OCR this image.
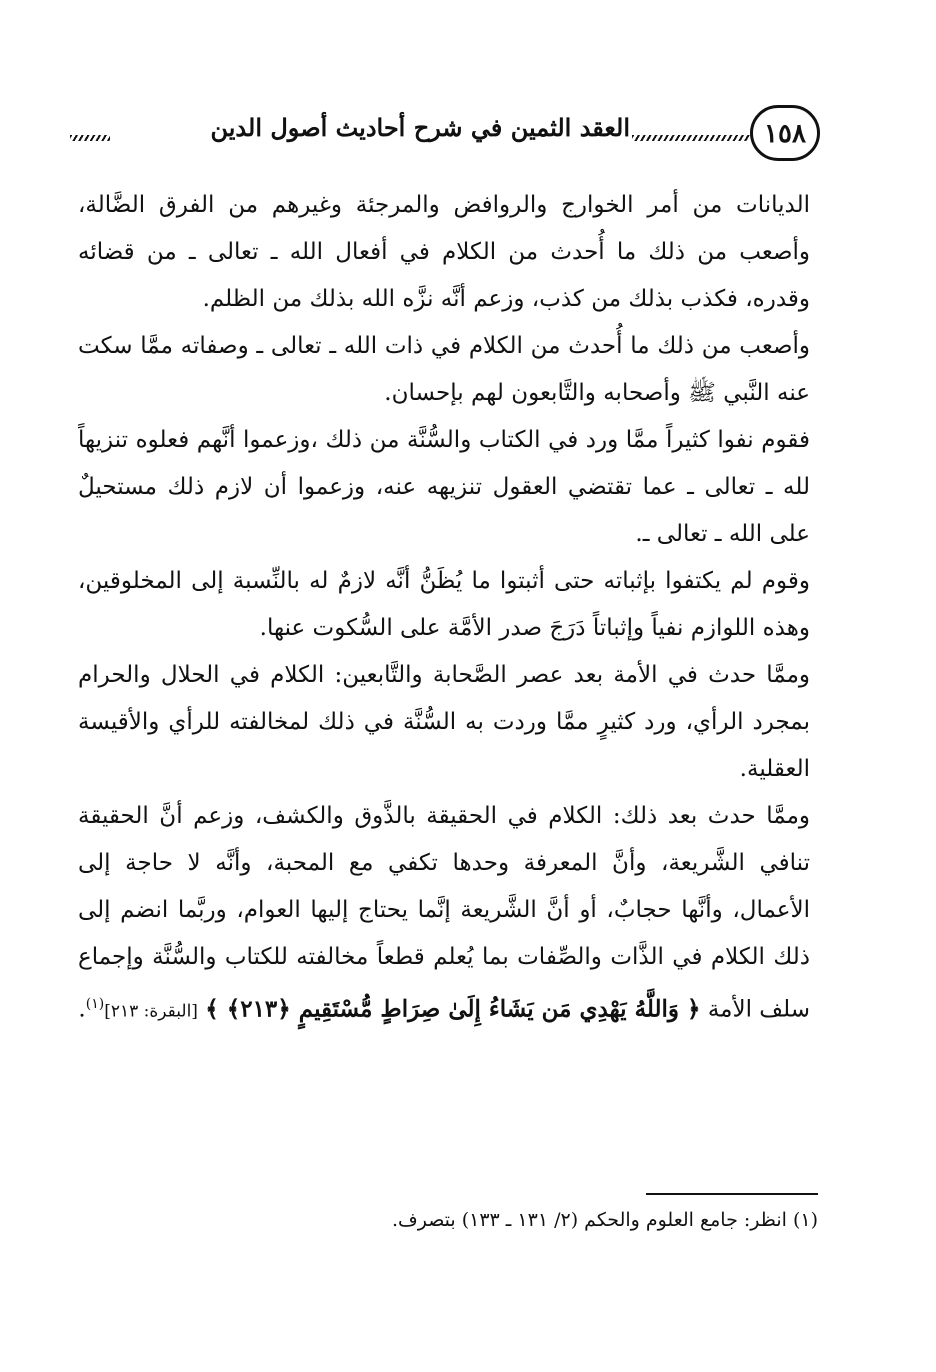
١٥٨
العقد الثمين في شرح أحاديث أصول الدين

الديانات من أمر الخوارج والروافض والمرجئة وغيرهم من الفرق الضَّالة، وأصعب من ذلك ما أُحدث من الكلام في أفعال الله ـ تعالى ـ من قضائه وقدره، فكذب بذلك من كذب، وزعم أنَّه نزَّه الله بذلك من الظلم.

وأصعب من ذلك ما أُحدث من الكلام في ذات الله ـ تعالى ـ وصفاته ممَّا سكت عنه النَّبي ﷺ وأصحابه والتَّابعون لهم بإحسان.

فقوم نفوا كثيراً ممَّا ورد في الكتاب والسُّنَّة من ذلك ،وزعموا أنَّهم فعلوه تنزيهاً لله ـ تعالى ـ عما تقتضي العقول تنزيهه عنه، وزعموا أن لازم ذلك مستحيلٌ على الله ـ تعالى ـ.

وقوم لم يكتفوا بإثباته حتى أثبتوا ما يُظَنُّ أنَّه لازمٌ له بالنِّسبة إلى المخلوقين، وهذه اللوازم نفياً وإثباتاً دَرَجَ صدر الأمَّة على السُّكوت عنها.

وممَّا حدث في الأمة بعد عصر الصَّحابة والتَّابعين: الكلام في الحلال والحرام بمجرد الرأي، ورد كثيرٍ ممَّا وردت به السُّنَّة في ذلك لمخالفته للرأي والأقيسة العقلية.

وممَّا حدث بعد ذلك: الكلام في الحقيقة بالذَّوق والكشف، وزعم أنَّ الحقيقة تنافي الشَّريعة، وأنَّ المعرفة وحدها تكفي مع المحبة، وأنَّه لا حاجة إلى الأعمال، وأنَّها حجابٌ، أو أنَّ الشَّريعة إنَّما يحتاج إليها العوام، وربَّما انضم إلى ذلك الكلام في الذَّات والصِّفات بما يُعلم قطعاً مخالفته للكتاب والسُّنَّة وإجماع سلف الأمة ﴿ وَاللَّهُ يَهْدِي مَن يَشَاءُ إِلَىٰ صِرَاطٍ مُّسْتَقِيمٍ ﴿٢١٣﴾ ﴾ [البقرة: ٢١٣]$^{(١)}$.

(١) انظر: جامع العلوم والحكم (٢/ ١٣١ ـ ١٣٣) بتصرف.
